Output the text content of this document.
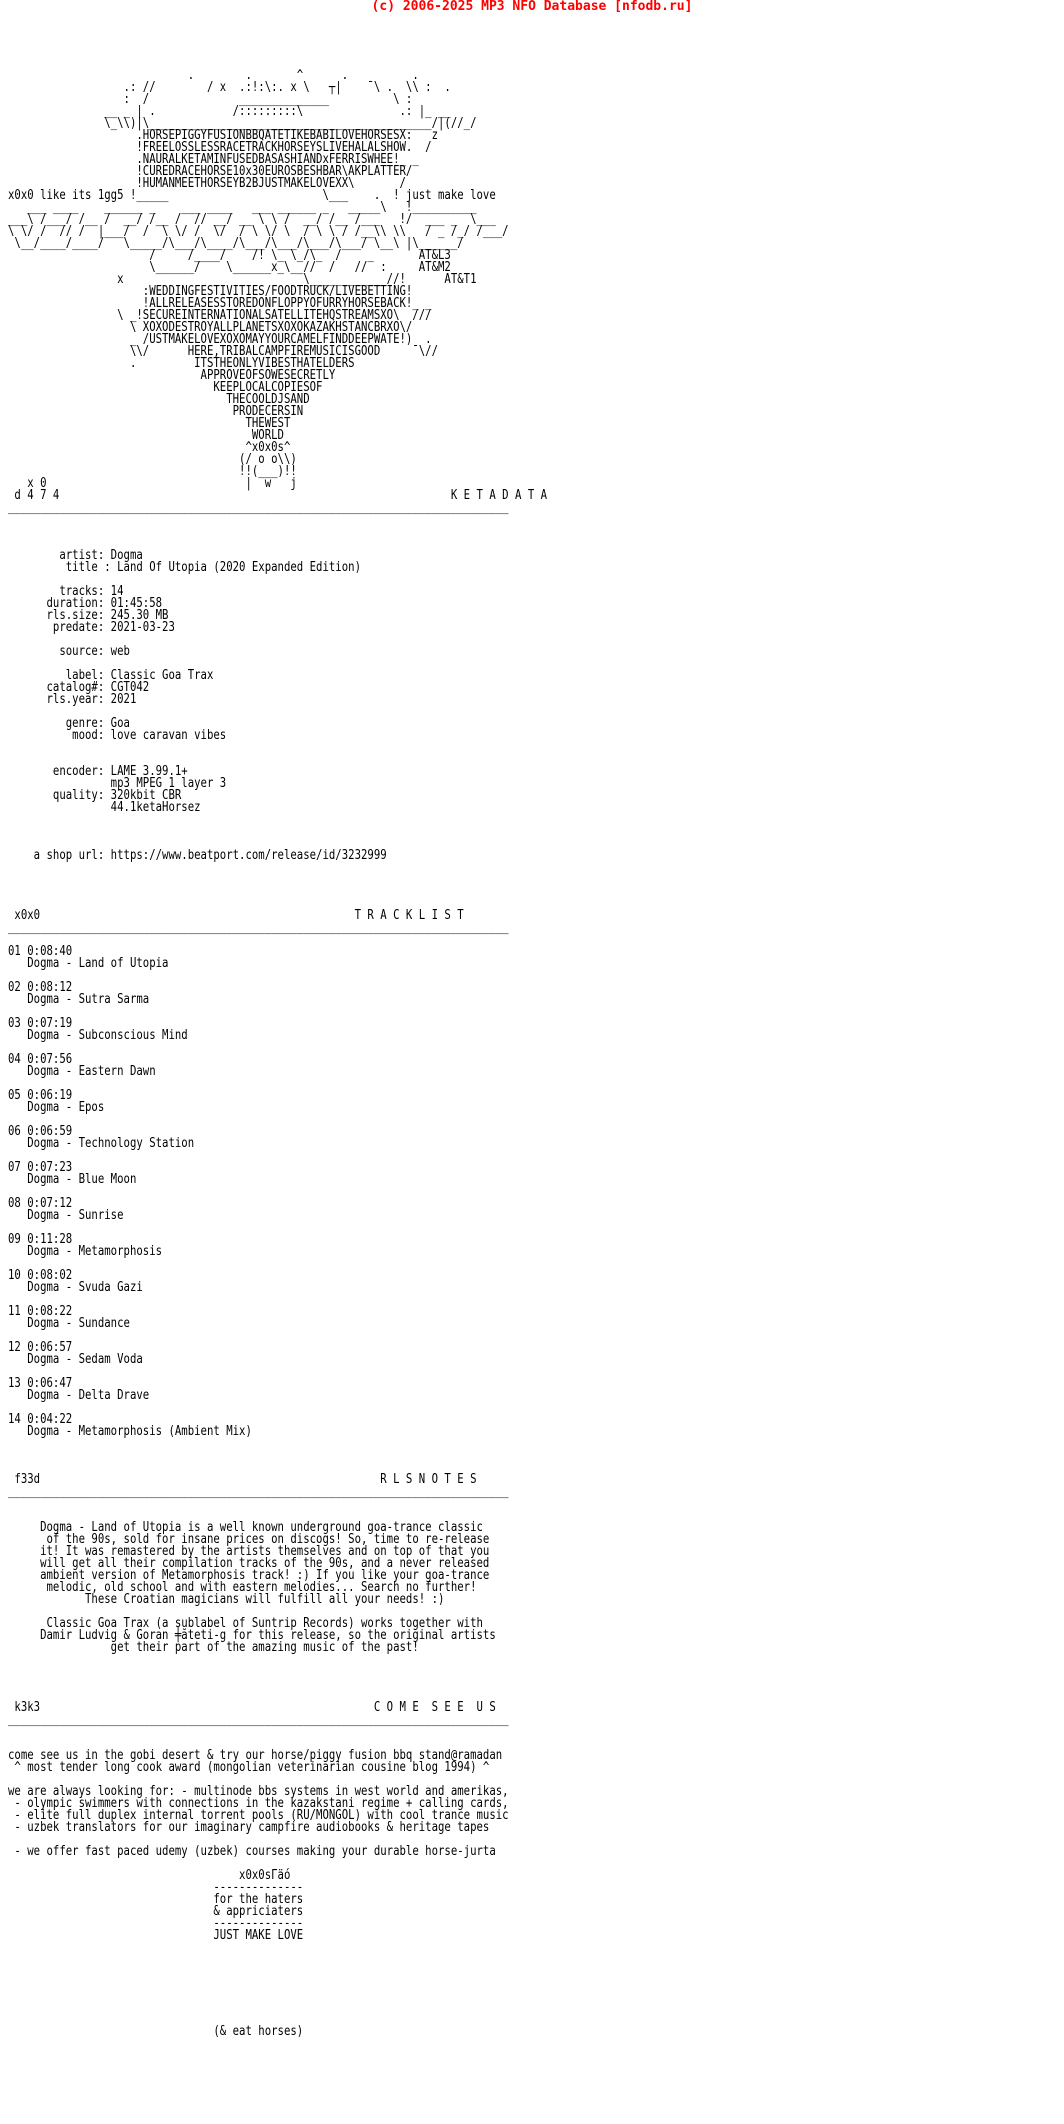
(c) 2006-2025 MP3 NFO Database [nfodb.ru]

.        .       ^      .          .
.: //        / x  .:!:\:. x \   ┬|    ¯\ .  \\ :  .
:  /              ______________          \ :
__ _ | .            /:::::::::\               .: |_ __
\_\\)|\____________________________________________/|(//_/
.HORSEPIGGYFUSIONBBQATETIKEBABILOVEHORSESX:   z
!FREELOSSLESSRACETRACKHORSEYSLIVEHALALSHOW.  /
.NAURALKETAMINFUSEDBASASHIANDxFERRISWHEE!_ _
!CUREDRACEHORSE10x30EUROSBESHBAR\AKPLATTER/
!HUMANMEETHORSEYB2BJUSTMAKELOVEXX\       /
x0x0 like its 1gg5 !_____                        \___    .  ! just make love
___ ____    ______ _    ___ ____   ___ ______ _   _____\   !__________
___\ /___/ /__ /  __/ /__ /  // __/ __ \ \ /  __/ /__ /___   !/  ___ _  \___
\ \/ /  // /  |___/  /  \ \/ /  \/  / \ \/ \  / \ \ / /__\\ \\   / _ /_/ /___/
\__/____/____/   \_____/\___/\____/\___/\___/\___/\___/ \__\ |\______/
/     /____/    /! \_ \_/\_  /    _       AT&L3
\______/    \______x_\__//  /   //  :     AT&M2
x                            \____________//!      AT&T1
:WEDDINGFESTIVITIES/FOODTRUCK/LIVEBETTING!
!ALLRELEASESSTOREDONFLOPPYOFURRYHORSEBACK!_ _
\ _!SECUREINTERNATIONALSATELLITEHQSTREAMSXO\  ///
\ XOXODESTROYALLPLANETSXOXOKAZAKHSTANCBRXO\/
_ /USTMAKELOVEXOXOMAYYOURCAMELFINDDEEPWATE!)  .
\\/      HERE,TRIBALCAMPFIREMUSICISGOOD     ¯\//
.         ITSTHEONLYVIBESTHATELDERS
APPROVEOFSOWESECRETLY
KEEPLOCALCOPIESOF
THECOOLDJSAND
PRODECERSIN
THEWEST
WORLD
^x0x0s^
(/ o o\\)
!!(___)!!
x 0                               |  w   j
d 4 7 4                                                             K E T A D A T A
______________________________________________________________________________

artist: Dogma
title : Land Of Utopia (2020 Expanded Edition)

tracks: 14
duration: 01:45:58
rls.size: 245.30 MB
predate: 2021-03-23

source: web

label: Classic Goa Trax
catalog#: CGT042
rls.year: 2021

genre: Goa
mood: love caravan vibes

encoder: LAME 3.99.1+
mp3 MPEG 1 layer 3
quality: 320kbit CBR
44.1ketaHorsez

a shop url: https://www.beatport.com/release/id/3232999

x0x0                                                 T R A C K L I S T
______________________________________________________________________________

01 0:08:40
Dogma - Land of Utopia

02 0:08:12
Dogma - Sutra Sarma

03 0:07:19
Dogma - Subconscious Mind

04 0:07:56
Dogma - Eastern Dawn

05 0:06:19
Dogma - Epos

06 0:06:59
Dogma - Technology Station

07 0:07:23
Dogma - Blue Moon

08 0:07:12
Dogma - Sunrise

09 0:11:28
Dogma - Metamorphosis

10 0:08:02
Dogma - Svuda Gazi

11 0:08:22
Dogma - Sundance

12 0:06:57
Dogma - Sedam Voda

13 0:06:47
Dogma - Delta Drave

14 0:04:22
Dogma - Metamorphosis (Ambient Mix)

f33d                                                     R L S N O T E S
______________________________________________________________________________

Dogma - Land of Utopia is a well known underground goa-trance classic
of the 90s, sold for insane prices on discogs! So, time to re-release
it! It was remastered by the artists themselves and on top of that you
will get all their compilation tracks of the 90s, and a never released
ambient version of Metamorphosis track! :) If you like your goa-trance
melodic, old school and with eastern melodies... Search no further!
These Croatian magicians will fulfill all your needs! :)

Classic Goa Trax (a sublabel of Suntrip Records) works together with
Damir Ludvig & Goran ╪ăteti-g for this release, so the original artists
get their part of the amazing music of the past!

k3k3                                                    C O M E  S E E  U S
______________________________________________________________________________

come see us in the gobi desert & try our horse/piggy fusion bbq stand@ramadan
^ most tender long cook award (mongolian veterinarian cousine blog 1994) ^

we are always looking for: - multinode bbs systems in west world and amerikas,
- olympic swimmers with connections in the kazakstani regime + calling cards,
- elite full duplex internal torrent pools (RU/MONGOL) with cool trance music
- uzbek translators for our imaginary campfire audiobooks & heritage tapes

- we offer fast paced udemy (uzbek) courses making your durable horse-jurta

x0x0sГäó
--------------
for the haters
& appriciaters
--------------
JUST MAKE LOVE

(& eat horses)
